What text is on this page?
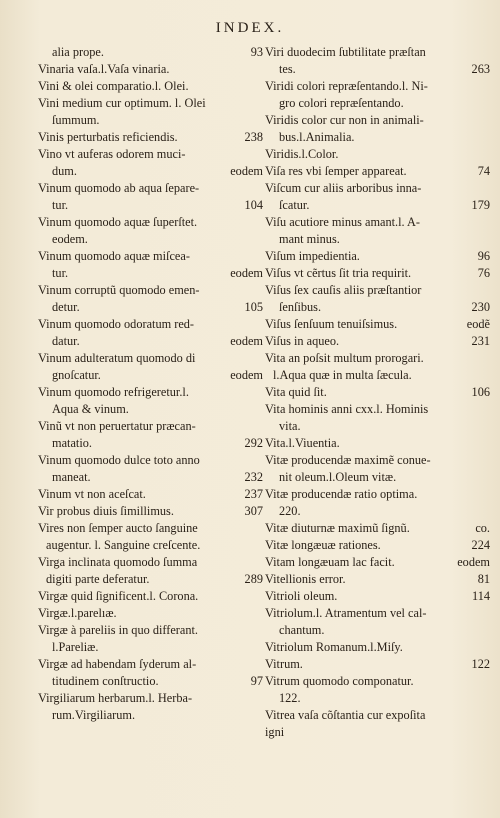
INDEX.
alia prope.	93
Vinaria vaſa.l.Vaſa vinaria.
Vini & olei comparatio.l. Olei.
Vini medium cur optimum. l. Olei
ſummum.
Vinis perturbatis reficiendis.	238
Vino vt auferas odorem muci-
dum.	eodem
Vinum quomodo ab aqua ſepare-
tur.	104
Vinum quomodo aquæ ſuperſtet.
eodem.
Vinum quomodo aquæ miſcea-
tur.	eodem
Vinum corruptũ quomodo emen-
detur.	105
Vinum quomodo odoratum red-
datur.	eodem
Vinum adulteratum quomodo di
gnoſcatur.	eodem
Vinum quomodo refrigeretur.l.
Aqua & vinum.
Vinũ vt non peruertatur præcan-
matatio.	292
Vinum quomodo dulce toto anno
maneat.	232
Vinum vt non aceſcat.	237
Vir probus diuis ſimillimus.	307
Vires non ſemper aucto ſanguine
augentur. l. Sanguine creſcente.
Virga inclinata quomodo ſumma
digiti parte deferatur.	289
Virgæ quid ſignificent.l. Corona.
Virgæ.l.parelıæ.
Virgæ à pareliis in quo differant.
l.Pareliæ.
Virgæ ad habendam ſyderum al-
titudinem conſtructio.	97
Virgiliarum herbarum.l. Herba-
rum.Virgiliarum.
Viri duodecim ſubtilitate præſtan
tes.	263
Viridi colori repræſentando.l. Ni-
gro colori repræſentando.
Viridis color cur non in animali-
bus.l.Animalia.
Viridis.l.Color.
Viſa res vbi ſemper appareat.	74
Viſcum cur aliis arboribus inna-
ſcatur.	179
Viſu acutiore minus amant.l. A-
mant minus.
Viſum impedientia.	96
Viſus vt cẽrtus ſit tria requirit.	76
Viſus ſex cauſis aliis præſtantior
ſenſibus.	230
Viſus ſenſuum tenuiſsimus.	eodẽ
Viſus in aqueo.	231
Vita an poſsit multum prorogari.
l.Aqua quæ in multa ſæcula.
Vita quid ſit.	106
Vita hominis anni cxx.l. Hominis
vita.
Vita.l.Viuentia.
Vitæ producendæ maximẽ conue-
nit oleum.l.Oleum vitæ.
Vitæ producendæ ratio optima.
220.
Vitæ diuturnæ maximũ ſignũ.	co.
Vitæ longæuæ rationes.	224
Vitam longæuam lac facit.	eodem
Vitellionis error.	81
Vitrioli oleum.	114
Vitriolum.l. Atramentum vel cal-
chantum.
Vitriolum Romanum.l.Miſy.
Vitrum.	122
Vitrum quomodo componatur.
122.
Vitrea vaſa cõſtantia cur expoſita
igni
